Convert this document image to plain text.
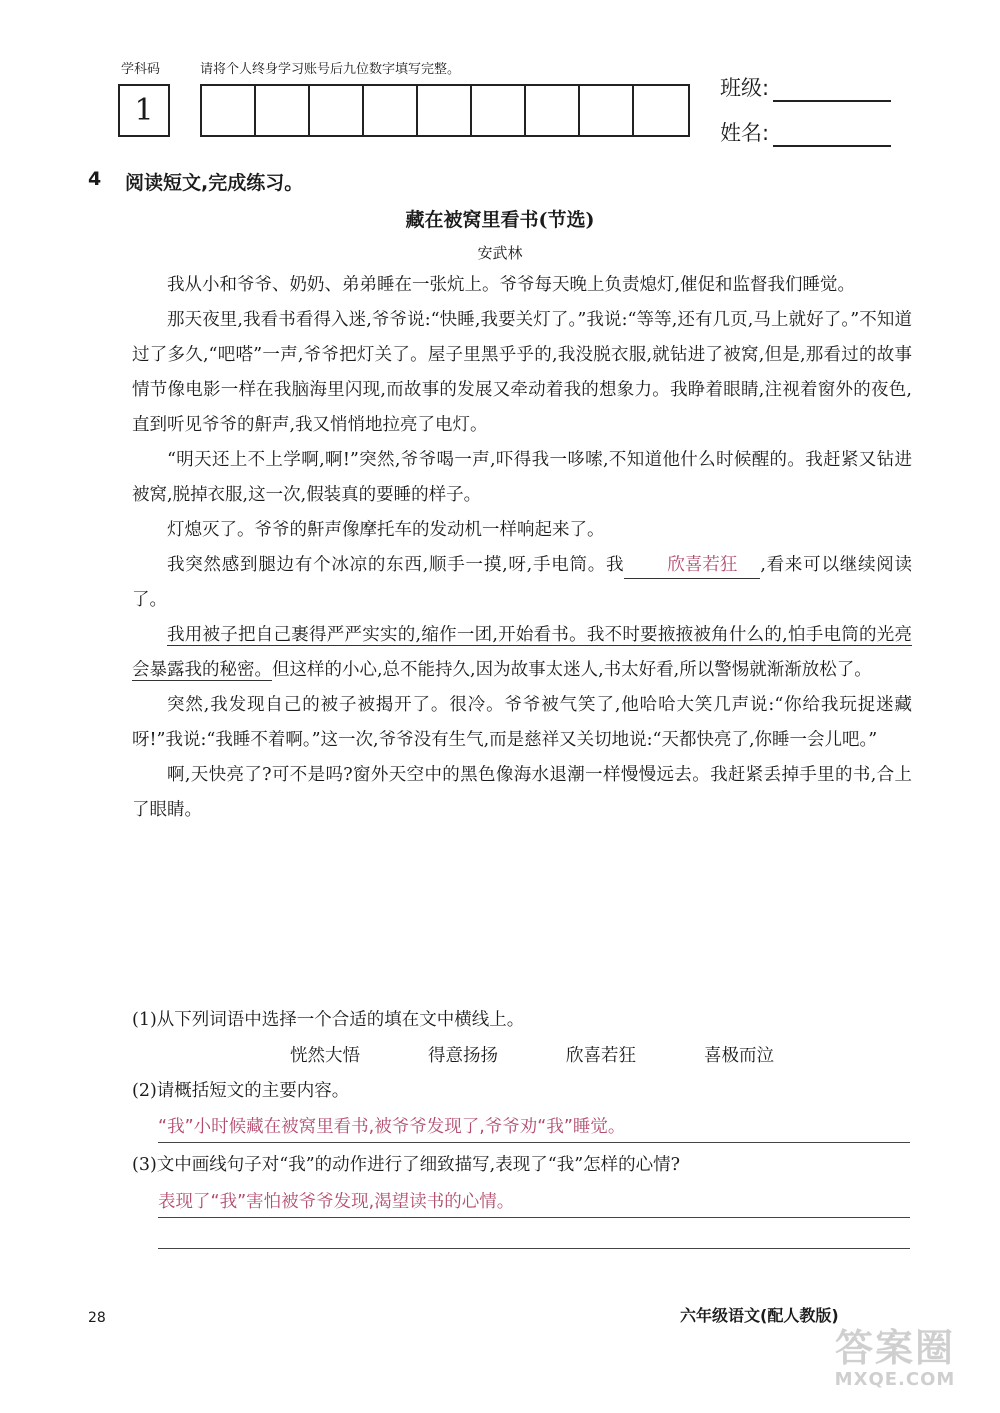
学科码	请将个人终身学习账号后九位数字填写完整。
1
班级:
姓名:
4 阅读短文,完成练习。
藏在被窝里看书(节选)
安武林

我从小和爷爷、奶奶、弟弟睡在一张炕上。爷爷每天晚上负责熄灯,催促和监督我们睡觉。

那天夜里,我看书看得入迷,爷爷说:“快睡,我要关灯了。”我说:“等等,还有几页,马上就好了。”不知道过了多久,“吧嗒”一声,爷爷把灯关了。屋子里黑乎乎的,我没脱衣服,就钻进了被窝,但是,那看过的故事情节像电影一样在我脑海里闪现,而故事的发展又牵动着我的想象力。我睁着眼睛,注视着窗外的夜色,直到听见爷爷的鼾声,我又悄悄地拉亮了电灯。

“明天还上不上学啊,啊!”突然,爷爷喝一声,吓得我一哆嗦,不知道他什么时候醒的。我赶紧又钻进被窝,脱掉衣服,这一次,假装真的要睡的样子。

灯熄灭了。爷爷的鼾声像摩托车的发动机一样响起来了。

我突然感到腿边有个冰凉的东西,顺手一摸,呀,手电筒。我 欣喜若狂 ,看来可以继续阅读了。

我用被子把自己裹得严严实实的,缩作一团,开始看书。我不时要掖掖被角什么的,怕手电筒的光亮会暴露我的秘密。但这样的小心,总不能持久,因为故事太迷人,书太好看,所以警惕就渐渐放松了。

突然,我发现自己的被子被揭开了。很冷。爷爷被气笑了,他哈哈大笑几声说:“你给我玩捉迷藏呀!”我说:“我睡不着啊。”这一次,爷爷没有生气,而是慈祥又关切地说:“天都快亮了,你睡一会儿吧。”

啊,天快亮了?可不是吗?窗外天空中的黑色像海水退潮一样慢慢远去。我赶紧丢掉手里的书,合上了眼睛。

(1)从下列词语中选择一个合适的填在文中横线上。
恍然大悟	得意扬扬	欣喜若狂	喜极而泣
(2)请概括短文的主要内容。
“我”小时候藏在被窝里看书,被爷爷发现了,爷爷劝“我”睡觉。
(3)文中画线句子对“我”的动作进行了细致描写,表现了“我”怎样的心情?
表现了“我”害怕被爷爷发现,渴望读书的心情。
28	六年级语文(配人教版)
答案圈
MXQE.COM
